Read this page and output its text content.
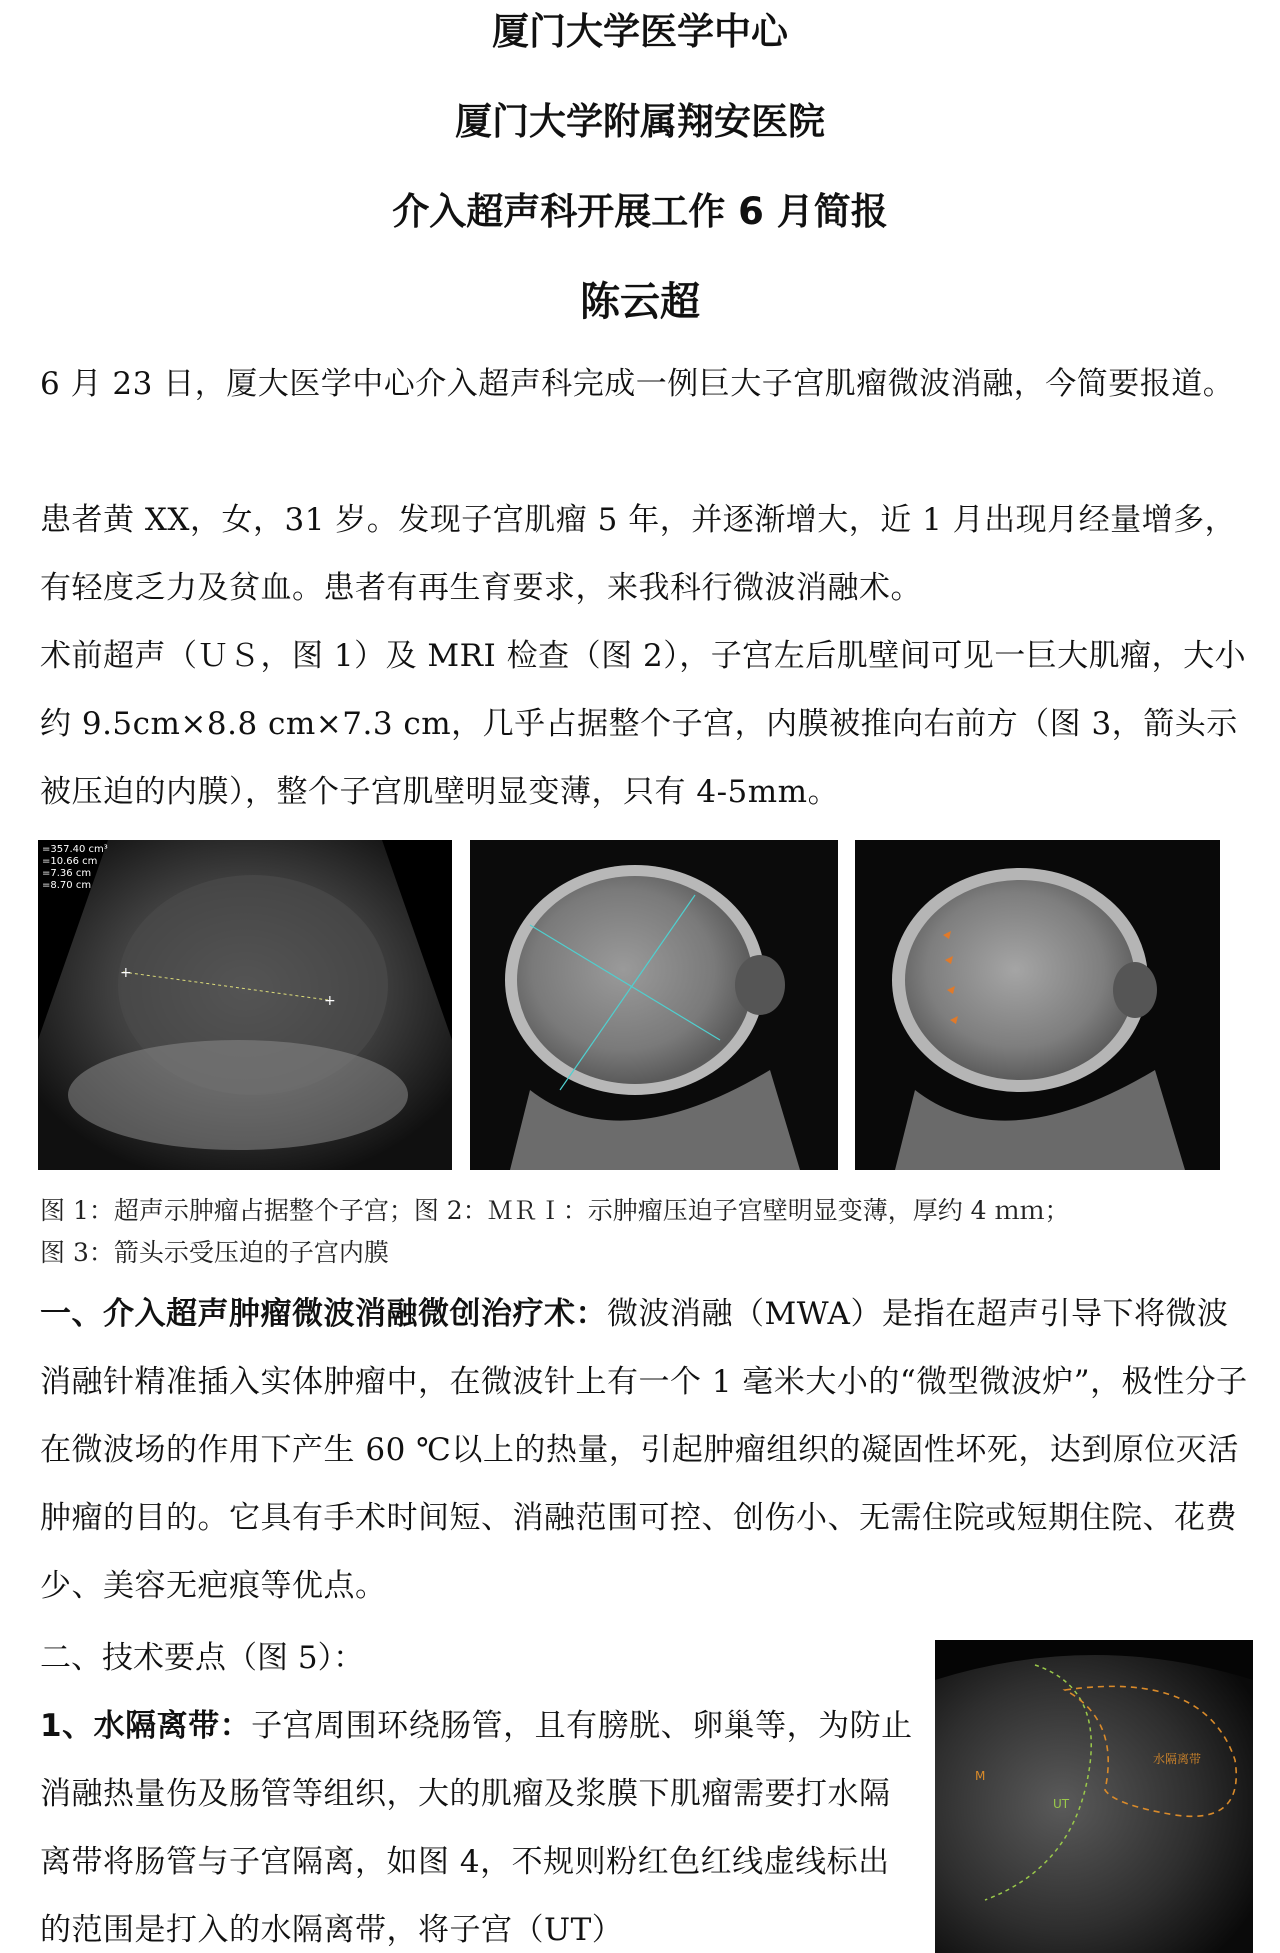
厦门大学医学中心
厦门大学附属翔安医院
介入超声科开展工作 6 月简报
陈云超

6 月 23 日，厦大医学中心介入超声科完成一例巨大子宫肌瘤微波消融，今简要报道。

患者黄 XX，女，31 岁。发现子宫肌瘤 5 年，并逐渐增大，近 1 月出现月经量增多，有轻度乏力及贫血。患者有再生育要求，来我科行微波消融术。

术前超声（ＵＳ，图 1）及 MRI 检查（图 2），子宫左后肌壁间可见一巨大肌瘤，大小约 9.5cm×8.8 cm×7.3 cm，几乎占据整个子宫，内膜被推向右前方（图 3，箭头示被压迫的内膜），整个子宫肌壁明显变薄，只有 4-5mm。

+
+
=357.40 cm³
=10.66 cm
=7.36 cm
=8.70 cm

图 1：超声示肿瘤占据整个子宫；图 2：ＭＲＩ：示肿瘤压迫子宫壁明显变薄，厚约 4 ｍｍ；
图 3：箭头示受压迫的子宫内膜

一、介入超声肿瘤微波消融微创治疗术：微波消融（MWA）是指在超声引导下将微波消融针精准插入实体肿瘤中，在微波针上有一个 1 毫米大小的“微型微波炉”，极性分子在微波场的作用下产生 60 ℃以上的热量，引起肿瘤组织的凝固性坏死，达到原位灭活肿瘤的目的。它具有手术时间短、消融范围可控、创伤小、无需住院或短期住院、花费少、美容无疤痕等优点。

二、技术要点（图 5）：

1、水隔离带：子宫周围环绕肠管，且有膀胱、卵巢等，为防止消融热量伤及肠管等组织，大的肌瘤及浆膜下肌瘤需要打水隔离带将肠管与子宫隔离，如图 4，不规则粉红色红线虚线标出的范围是打入的水隔离带，将子宫（UT）

M
UT
水隔离带
